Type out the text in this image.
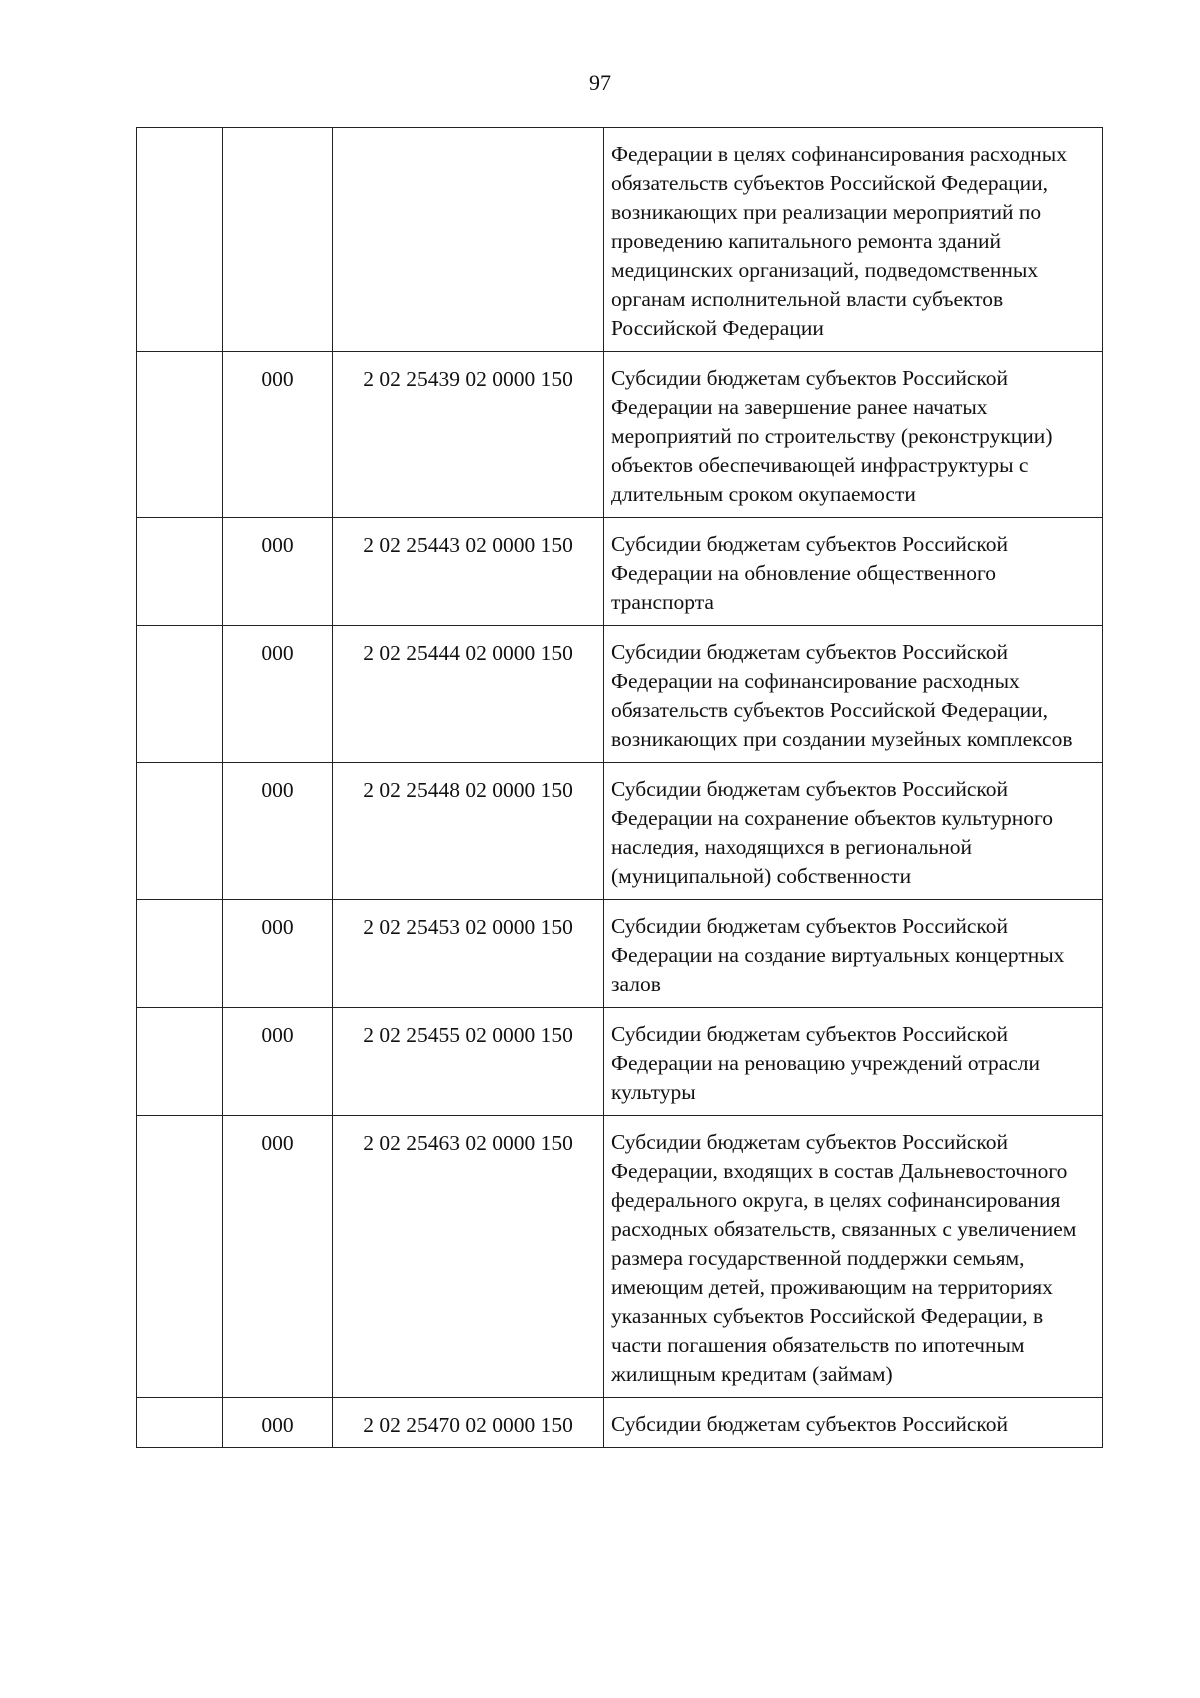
97

			Федерации в целях софинансирования расходных обязательств субъектов Российской Федерации, возникающих при реализации мероприятий по проведению капитального ремонта зданий медицинских организаций, подведомственных органам исполнительной власти субъектов Российской Федерации

	000	2 02 25439 02 0000 150	Субсидии бюджетам субъектов Российской Федерации на завершение ранее начатых мероприятий по строительству (реконструкции) объектов обеспечивающей инфраструктуры с длительным сроком окупаемости

	000	2 02 25443 02 0000 150	Субсидии бюджетам субъектов Российской Федерации на обновление общественного транспорта

	000	2 02 25444 02 0000 150	Субсидии бюджетам субъектов Российской Федерации на софинансирование расходных обязательств субъектов Российской Федерации, возникающих при создании музейных комплексов

	000	2 02 25448 02 0000 150	Субсидии бюджетам субъектов Российской Федерации на сохранение объектов культурного наследия, находящихся в региональной (муниципальной) собственности

	000	2 02 25453 02 0000 150	Субсидии бюджетам субъектов Российской Федерации на создание виртуальных концертных залов

	000	2 02 25455 02 0000 150	Субсидии бюджетам субъектов Российской Федерации на реновацию учреждений отрасли культуры

	000	2 02 25463 02 0000 150	Субсидии бюджетам субъектов Российской Федерации, входящих в состав Дальневосточного федерального округа, в целях софинансирования расходных обязательств, связанных с увеличением размера государственной поддержки семьям, имеющим детей, проживающим на территориях указанных субъектов Российской Федерации, в части погашения обязательств по ипотечным жилищным кредитам (займам)

	000	2 02 25470 02 0000 150	Субсидии бюджетам субъектов Российской
